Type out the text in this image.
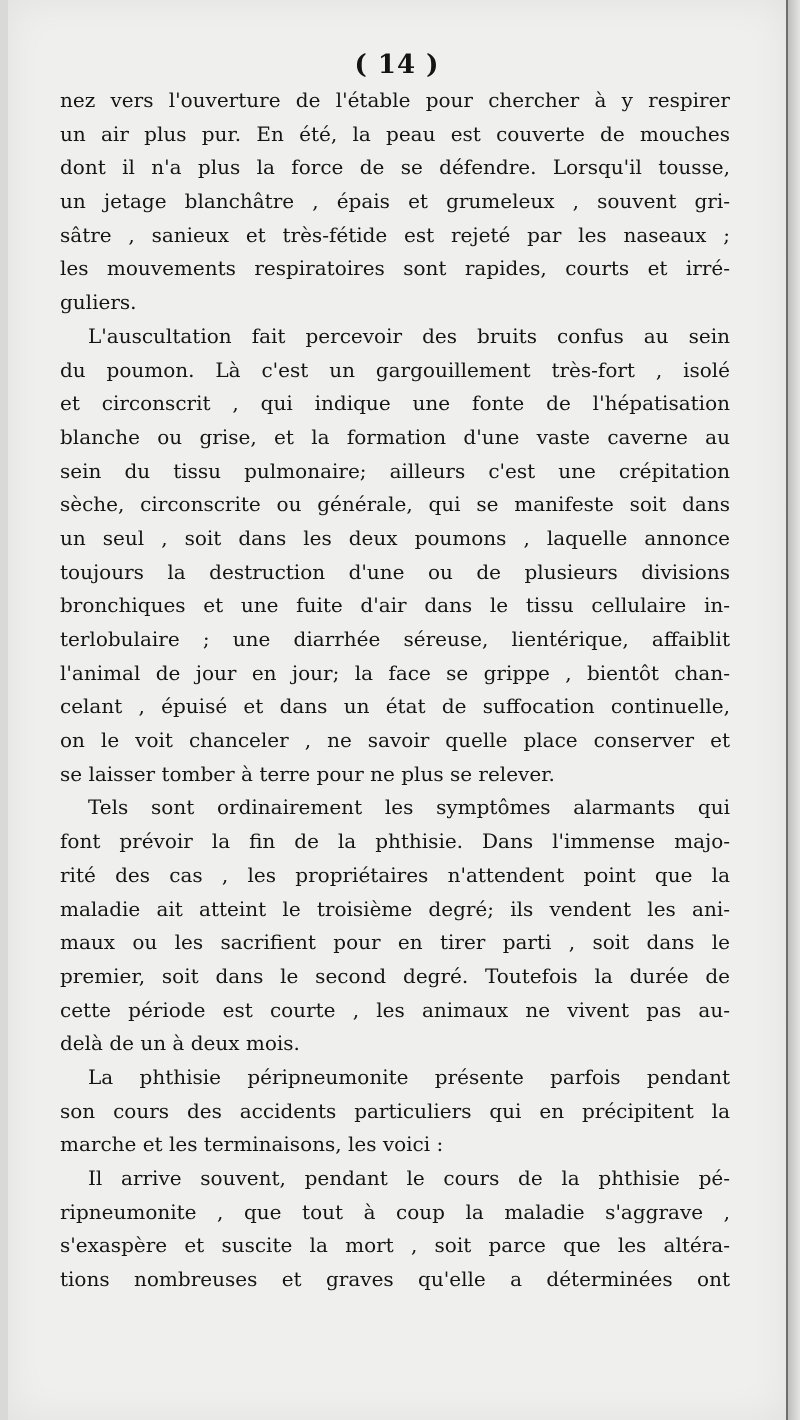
( 14 )
nez vers l'ouverture de l'étable pour chercher à y respirer
un air plus pur. En été, la peau est couverte de mouches
dont il n'a plus la force de se défendre. Lorsqu'il tousse,
un jetage blanchâtre , épais et grumeleux , souvent gri-
sâtre , sanieux et très-fétide est rejeté par les naseaux ;
les mouvements respiratoires sont rapides, courts et irré-
guliers.
L'auscultation fait percevoir des bruits confus au sein
du poumon. Là c'est un gargouillement très-fort , isolé
et circonscrit , qui indique une fonte de l'hépatisation
blanche ou grise, et la formation d'une vaste caverne au
sein du tissu pulmonaire; ailleurs c'est une crépitation
sèche, circonscrite ou générale, qui se manifeste soit dans
un seul , soit dans les deux poumons , laquelle annonce
toujours la destruction d'une ou de plusieurs divisions
bronchiques et une fuite d'air dans le tissu cellulaire in-
terlobulaire ; une diarrhée séreuse, lientérique, affaiblit
l'animal de jour en jour; la face se grippe , bientôt chan-
celant , épuisé et dans un état de suffocation continuelle,
on le voit chanceler , ne savoir quelle place conserver et
se laisser tomber à terre pour ne plus se relever.
Tels sont ordinairement les symptômes alarmants qui
font prévoir la fin de la phthisie. Dans l'immense majo-
rité des cas , les propriétaires n'attendent point que la
maladie ait atteint le troisième degré; ils vendent les ani-
maux ou les sacrifient pour en tirer parti , soit dans le
premier, soit dans le second degré. Toutefois la durée de
cette période est courte , les animaux ne vivent pas au-
delà de un à deux mois.
La phthisie péripneumonite présente parfois pendant
son cours des accidents particuliers qui en précipitent la
marche et les terminaisons, les voici :
Il arrive souvent, pendant le cours de la phthisie pé-
ripneumonite , que tout à coup la maladie s'aggrave ,
s'exaspère et suscite la mort , soit parce que les altéra-
tions nombreuses et graves qu'elle a déterminées ont
